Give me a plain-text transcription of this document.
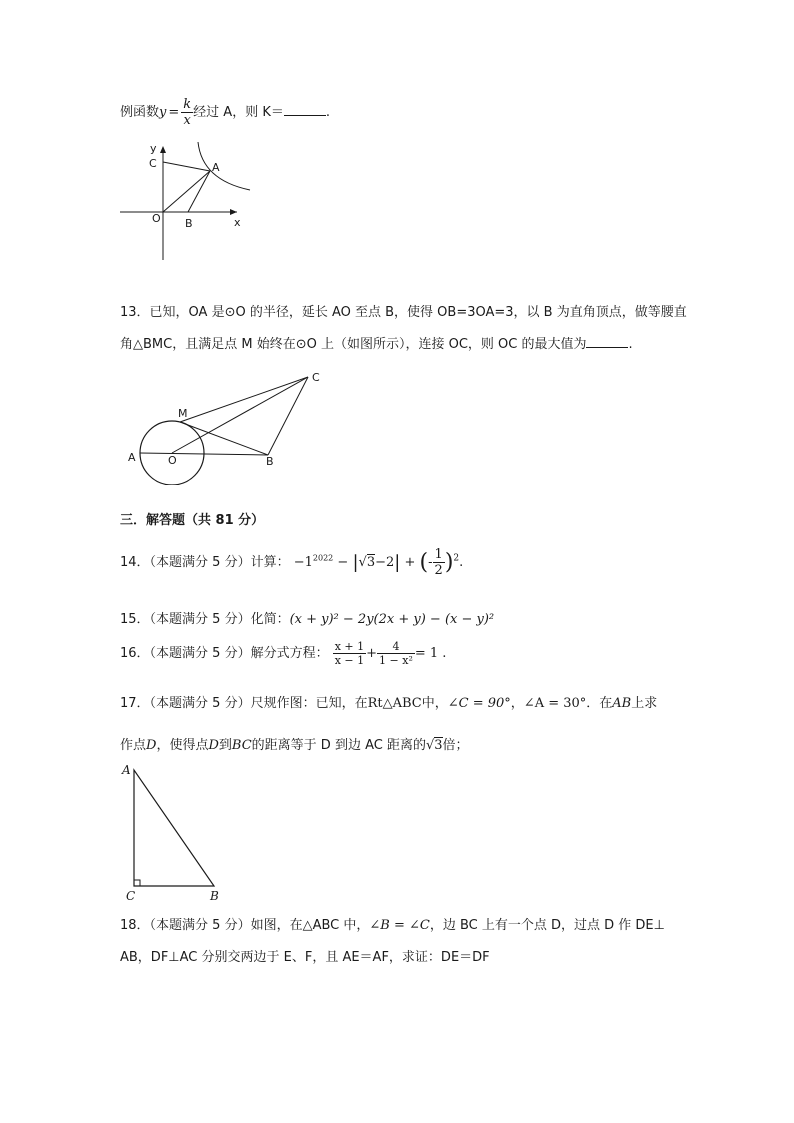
例函数$y = \frac{k}{x}$ 经过 A，则 K＝	.
y
C	A
O B	x
13．已知，OA 是⊙O 的半径，延长 AO 至点 B，使得 OB=3OA=3，以 B 为直角顶点，做等腰直
角△BMC，且满足点 M 始终在⊙O 上（如图所示），连接 OC，则 OC 的最大值为	.
C
M
A	O	B
三．解答题（共 81 分）
14．（本题满分 5 分）计算： $-1^{2022} - |√3-2|$ + (- $\frac{1}{2} )^2$.
15．（本题满分 5 分）化简：(x + y)² − 2y(2x + y) − (x − y)²
16．（本题满分 5 分）解分式方程： $\frac{x + 1}{x - 1} + \frac{4}{\text{1 − x²}} = 1$ .
17．（本题满分 5 分）尺规作图：已知，在Rt△ABC中，∠C = 90°，∠A = 30°．在AB上求
作点D，使得点D到BC的距离等于 D 到边 AC 距离的√3倍；
A
C	B
18．（本题满分 5 分）如图，在△ABC 中，∠B = ∠C，边 BC 上有一个点 D，过点 D 作 DE⊥
AB，DF⊥AC 分别交两边于 E、F，且 AE＝AF，求证：DE＝DF
